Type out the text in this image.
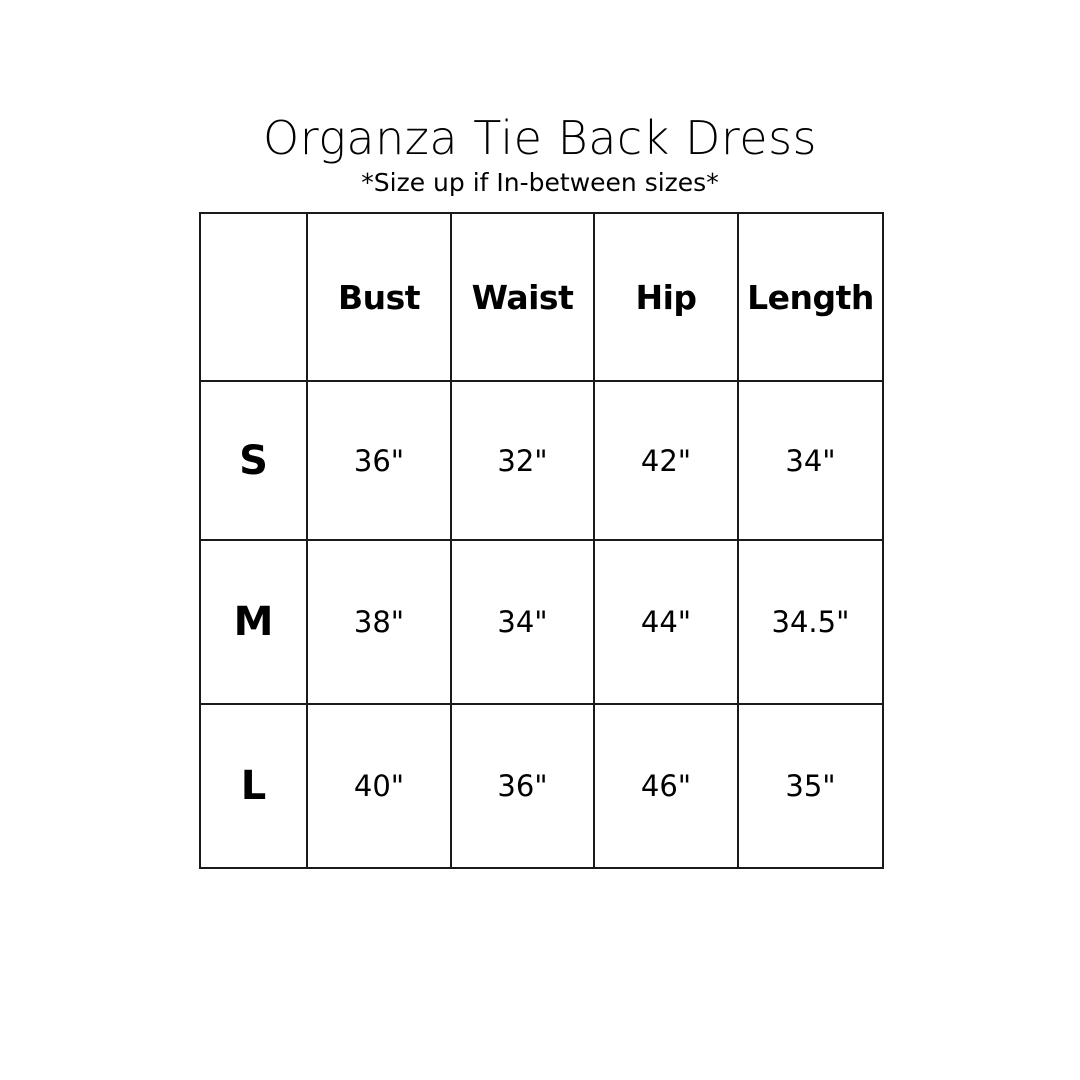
Organza Tie Back Dress
*Size up if In-between sizes*
	Bust	Waist	Hip	Length
S	36"	32"	42"	34"
M	38"	34"	44"	34.5"
L	40"	36"	46"	35"
